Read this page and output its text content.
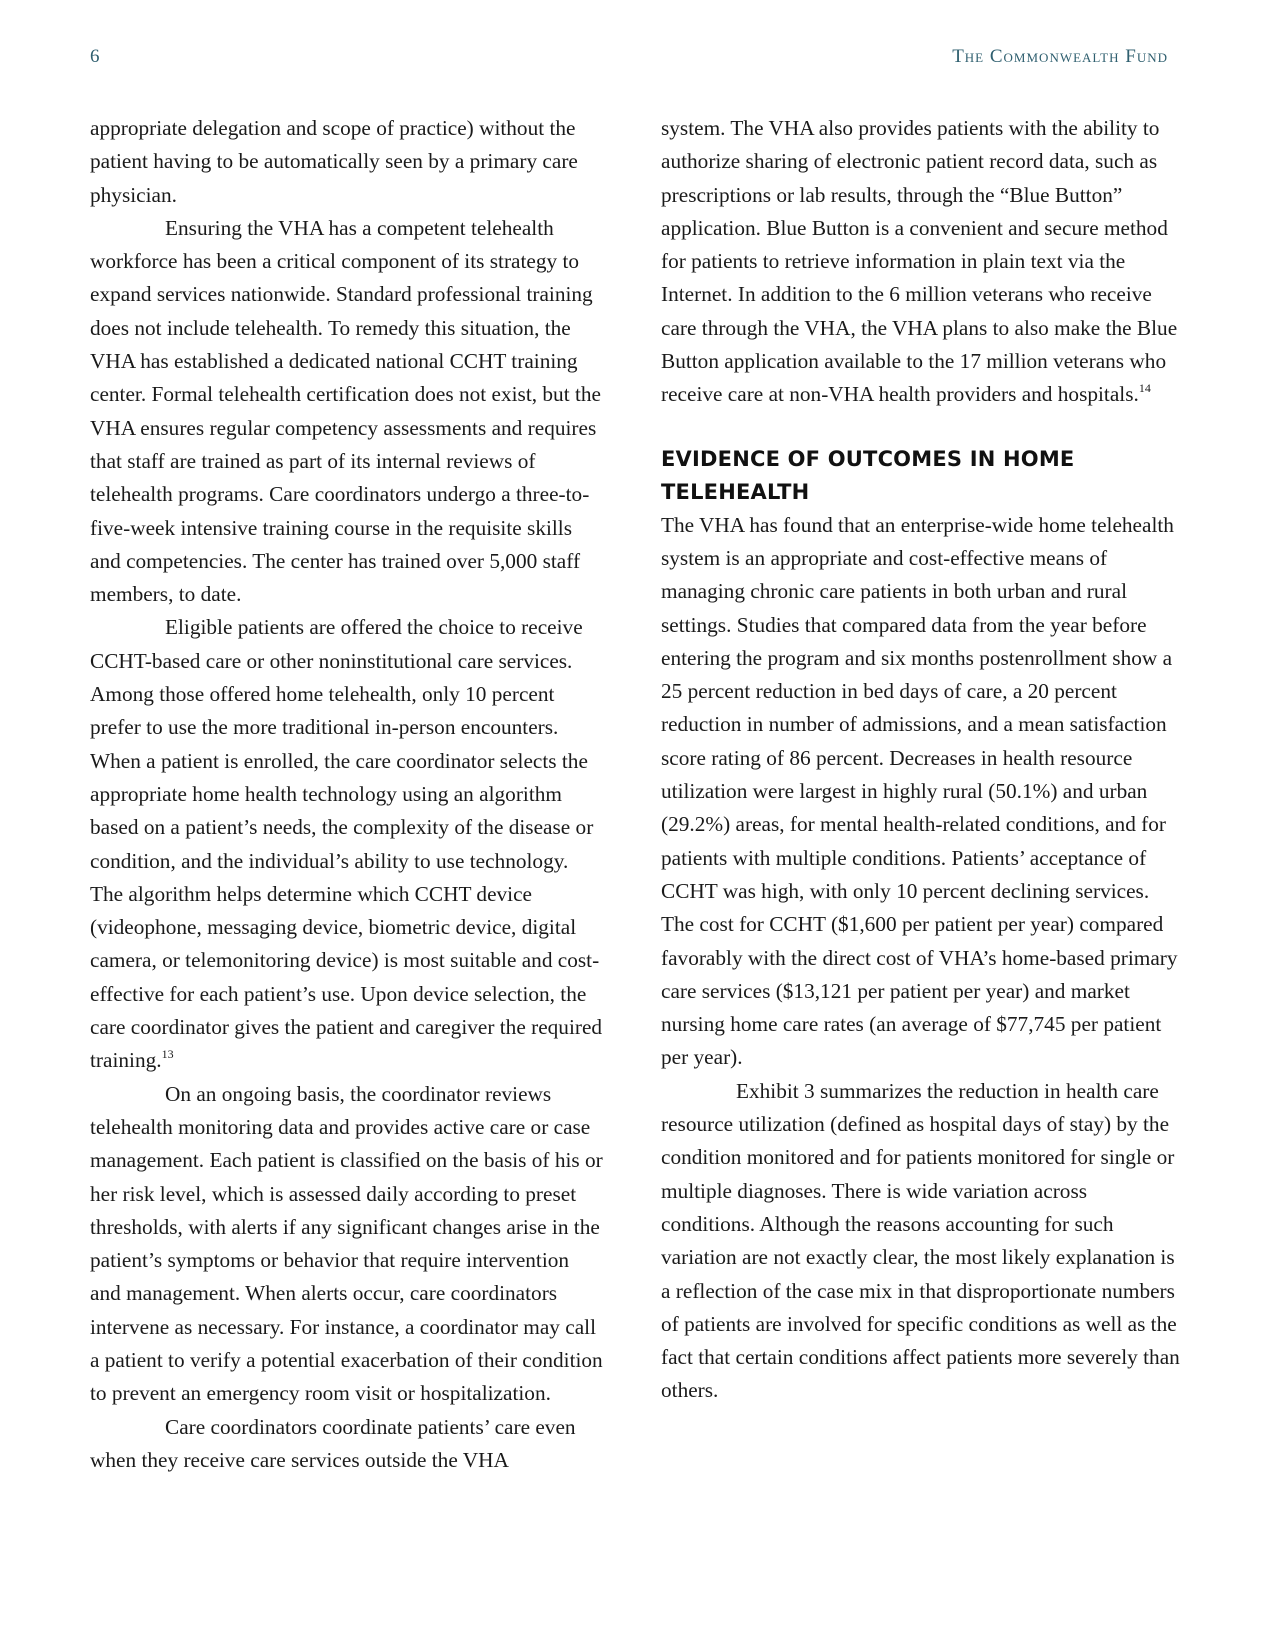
6	The Commonwealth Fund

appropriate delegation and scope of practice) without the patient having to be automatically seen by a primary care physician.

Ensuring the VHA has a competent telehealth workforce has been a critical component of its strategy to expand services nationwide. Standard professional training does not include telehealth. To remedy this situation, the VHA has established a dedicated national CCHT training center. Formal telehealth certification does not exist, but the VHA ensures regular competency assessments and requires that staff are trained as part of its internal reviews of telehealth programs. Care coordinators undergo a three-to-five-week intensive training course in the requisite skills and competencies. The center has trained over 5,000 staff members, to date.

Eligible patients are offered the choice to receive CCHT-based care or other noninstitutional care services. Among those offered home telehealth, only 10 percent prefer to use the more traditional in-person encounters. When a patient is enrolled, the care coordinator selects the appropriate home health technology using an algorithm based on a patient’s needs, the complexity of the disease or condition, and the individual’s ability to use technology. The algorithm helps determine which CCHT device (videophone, messaging device, biometric device, digital camera, or telemonitoring device) is most suitable and cost-effective for each patient’s use. Upon device selection, the care coordinator gives the patient and caregiver the required training.$^{13}$

On an ongoing basis, the coordinator reviews telehealth monitoring data and provides active care or case management. Each patient is classified on the basis of his or her risk level, which is assessed daily according to preset thresholds, with alerts if any significant changes arise in the patient’s symptoms or behavior that require intervention and management. When alerts occur, care coordinators intervene as necessary. For instance, a coordinator may call a patient to verify a potential exacerbation of their condition to prevent an emergency room visit or hospitalization.

Care coordinators coordinate patients’ care even when they receive care services outside the VHA

system. The VHA also provides patients with the ability to authorize sharing of electronic patient record data, such as prescriptions or lab results, through the “Blue Button” application. Blue Button is a convenient and secure method for patients to retrieve information in plain text via the Internet. In addition to the 6 million veterans who receive care through the VHA, the VHA plans to also make the Blue Button application available to the 17 million veterans who receive care at non-VHA health providers and hospitals.$^{14}$

EVIDENCE OF OUTCOMES IN HOME TELEHEALTH

The VHA has found that an enterprise-wide home telehealth system is an appropriate and cost-effective means of managing chronic care patients in both urban and rural settings. Studies that compared data from the year before entering the program and six months postenrollment show a 25 percent reduction in bed days of care, a 20 percent reduction in number of admissions, and a mean satisfaction score rating of 86 percent. Decreases in health resource utilization were largest in highly rural (50.1%) and urban (29.2%) areas, for mental health-related conditions, and for patients with multiple conditions. Patients’ acceptance of CCHT was high, with only 10 percent declining services. The cost for CCHT ($1,600 per patient per year) compared favorably with the direct cost of VHA’s home-based primary care services ($13,121 per patient per year) and market nursing home care rates (an average of $77,745 per patient per year).

Exhibit 3 summarizes the reduction in health care resource utilization (defined as hospital days of stay) by the condition monitored and for patients monitored for single or multiple diagnoses. There is wide variation across conditions. Although the reasons accounting for such variation are not exactly clear, the most likely explanation is a reflection of the case mix in that disproportionate numbers of patients are involved for specific conditions as well as the fact that certain conditions affect patients more severely than others.
